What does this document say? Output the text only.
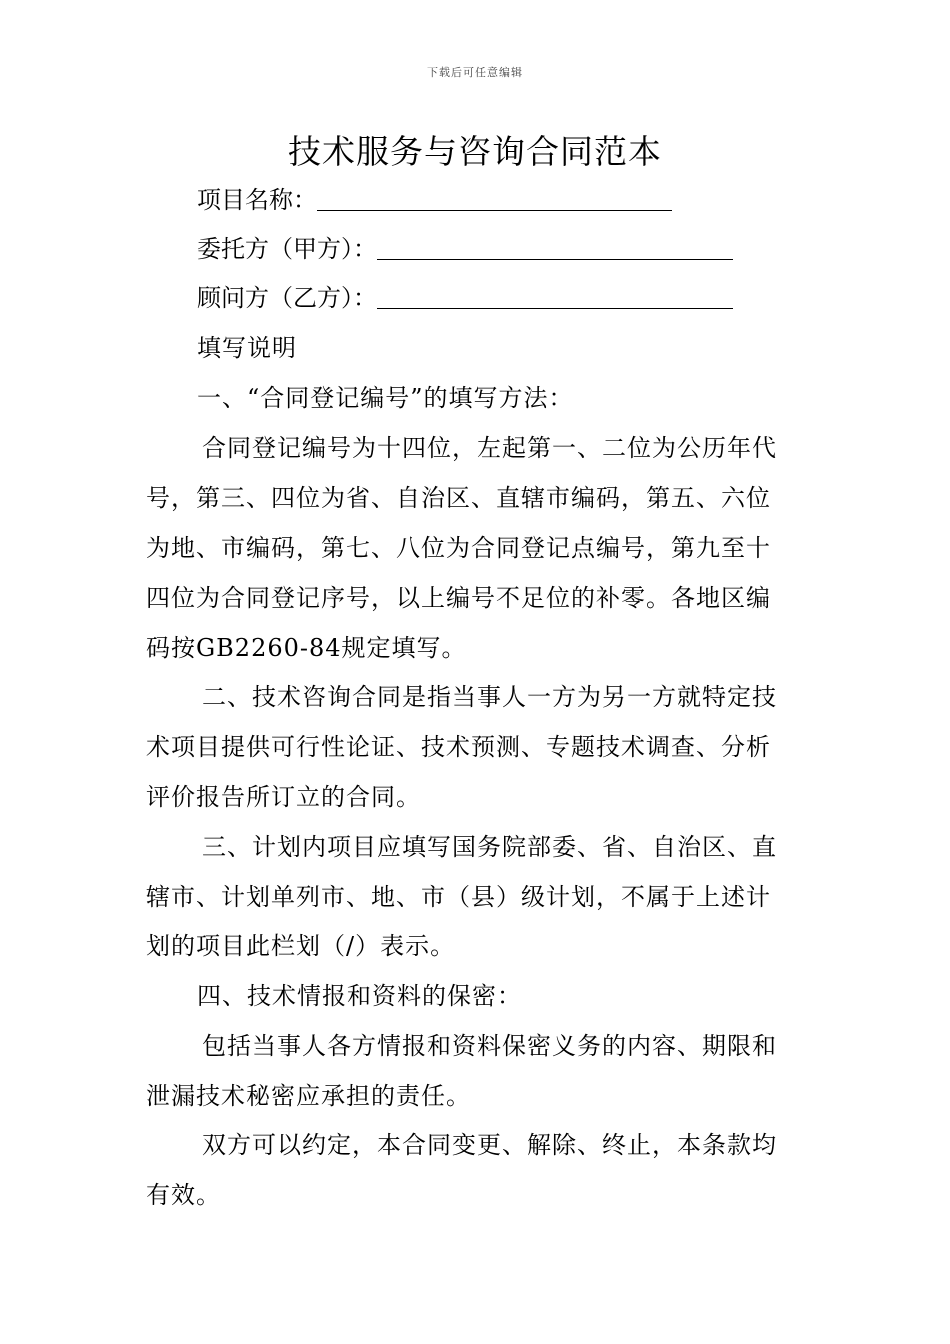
下载后可任意编辑
技术服务与咨询合同范本
项目名称：
委托方（甲方）：
顾问方（乙方）：
填写说明
一、“合同登记编号”的填写方法：
合同登记编号为十四位，左起第一、二位为公历年代
号，第三、四位为省、自治区、直辖市编码，第五、六位
为地、市编码，第七、八位为合同登记点编号，第九至十
四位为合同登记序号，以上编号不足位的补零。各地区编
码按GB2260-84规定填写。
二、技术咨询合同是指当事人一方为另一方就特定技
术项目提供可行性论证、技术预测、专题技术调查、分析
评价报告所订立的合同。
三、计划内项目应填写国务院部委、省、自治区、直
辖市、计划单列市、地、市（县）级计划，不属于上述计
划的项目此栏划（/）表示。
四、技术情报和资料的保密：
包括当事人各方情报和资料保密义务的内容、期限和
泄漏技术秘密应承担的责任。
双方可以约定，本合同变更、解除、终止，本条款均
有效。
